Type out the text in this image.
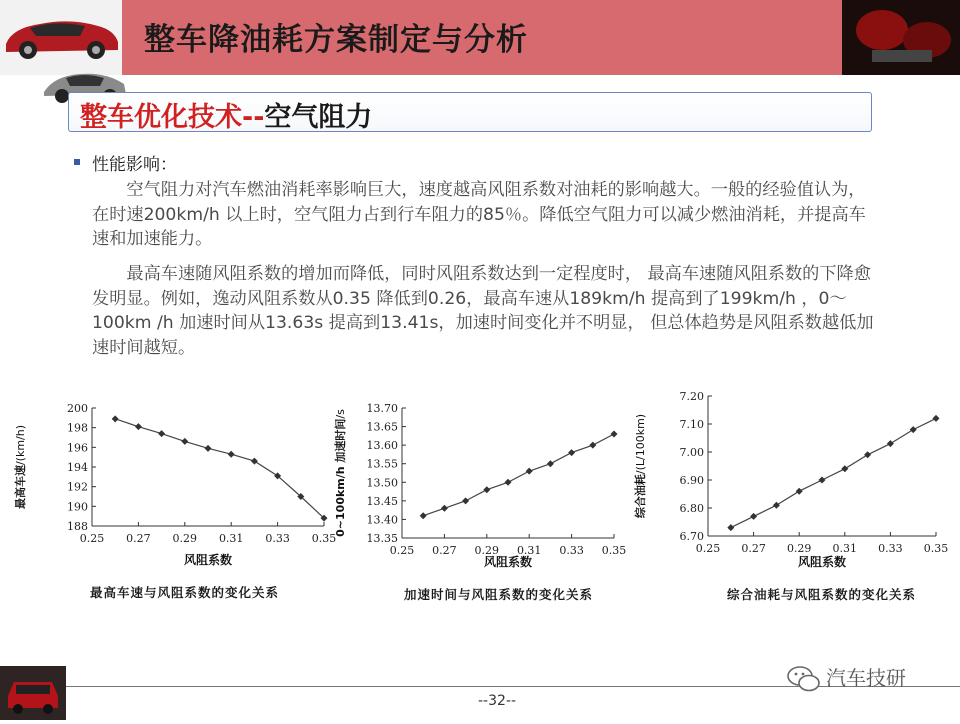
整车降油耗方案制定与分析
整车优化技术--空气阻力
性能影响：

空气阻力对汽车燃油消耗率影响巨大，速度越高风阻系数对油耗的影响越大。一般的经验值认为，在时速200km/h 以上时，空气阻力占到行车阻力的85％。降低空气阻力可以减少燃油消耗，并提高车速和加速能力。

最高车速随风阻系数的增加而降低，同时风阻系数达到一定程度时， 最高车速随风阻系数的下降愈发明显。例如，逸动风阻系数从0.35 降低到0.26，最高车速从189km/h 提高到了199km/h ，0～100km /h 加速时间从13.63s 提高到13.41s，加速时间变化并不明显， 但总体趋势是风阻系数越低加速时间越短。

188
190
192
194
196
198
200
0.25 0.27 0.29 0.31 0.33 0.35
风阻系数
最高车速/(km/h)
13.35
13.40
13.45
13.50
13.55
13.60
13.65
13.70
0.25 0.27 0.29 0.31 0.33 0.35
风阻系数
0~100km/h 加速时间/s
6.70
6.80
6.90
7.00
7.10
7.20
0.25 0.27 0.29 0.31 0.33 0.35
风阻系数
综合油耗/(L/100km)
最高车速与风阻系数的变化关系	加速时间与风阻系数的变化关系	综合油耗与风阻系数的变化关系
--32--
汽车技研
